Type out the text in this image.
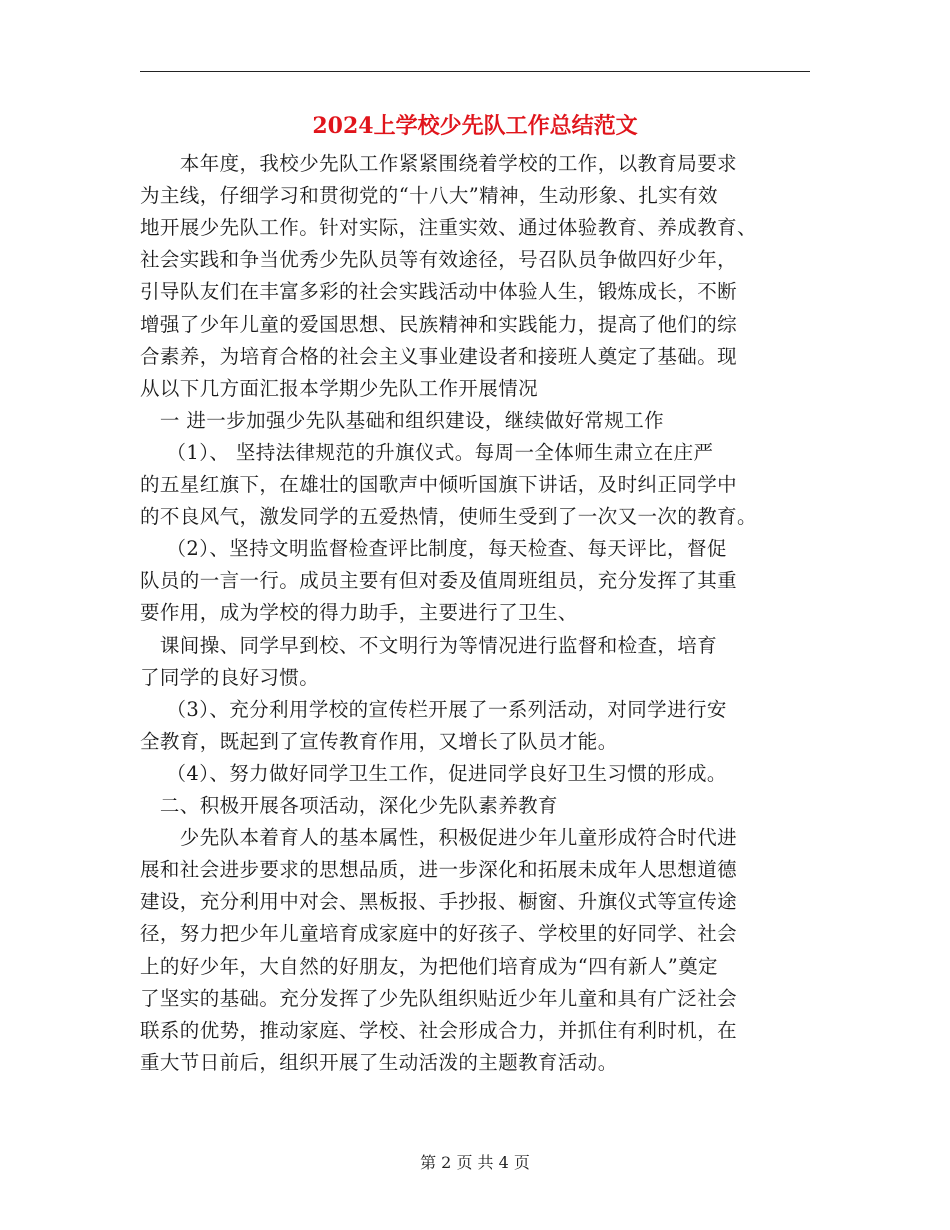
2024上学校少先队工作总结范文
　　本年度，我校少先队工作紧紧围绕着学校的工作，以教育局要求
为主线，仔细学习和贯彻党的“十八大”精神，生动形象、扎实有效
地开展少先队工作。针对实际，注重实效、通过体验教育、养成教育、
社会实践和争当优秀少先队员等有效途径，号召队员争做四好少年，
引导队友们在丰富多彩的社会实践活动中体验人生，锻炼成长，不断
增强了少年儿童的爱国思想、民族精神和实践能力，提高了他们的综
合素养，为培育合格的社会主义事业建设者和接班人奠定了基础。现
从以下几方面汇报本学期少先队工作开展情况
　一 进一步加强少先队基础和组织建设，继续做好常规工作
　 （1）、 坚持法律规范的升旗仪式。每周一全体师生肃立在庄严
的五星红旗下，在雄壮的国歌声中倾听国旗下讲话，及时纠正同学中
的不良风气，激发同学的五爱热情，使师生受到了一次又一次的教育。
　 （2）、坚持文明监督检查评比制度，每天检查、每天评比，督促
队员的一言一行。成员主要有但对委及值周班组员，充分发挥了其重
要作用，成为学校的得力助手，主要进行了卫生、
　课间操、同学早到校、不文明行为等情况进行监督和检查，培育
了同学的良好习惯。
　 （3）、充分利用学校的宣传栏开展了一系列活动，对同学进行安
全教育，既起到了宣传教育作用，又增长了队员才能。
　 （4）、努力做好同学卫生工作，促进同学良好卫生习惯的形成。
　二、积极开展各项活动，深化少先队素养教育
　　少先队本着育人的基本属性，积极促进少年儿童形成符合时代进
展和社会进步要求的思想品质，进一步深化和拓展未成年人思想道德
建设，充分利用中对会、黑板报、手抄报、橱窗、升旗仪式等宣传途
径，努力把少年儿童培育成家庭中的好孩子、学校里的好同学、社会
上的好少年，大自然的好朋友，为把他们培育成为“四有新人”奠定
了坚实的基础。充分发挥了少先队组织贴近少年儿童和具有广泛社会
联系的优势，推动家庭、学校、社会形成合力，并抓住有利时机，在
重大节日前后，组织开展了生动活泼的主题教育活动。
第 2 页 共 4 页
